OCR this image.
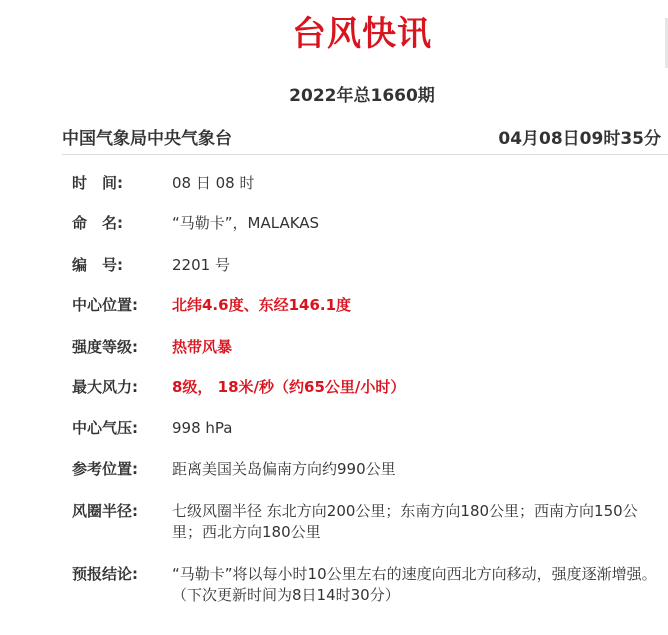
台风快讯
2022年总1660期
中国气象局中央气象台	04月08日09时35分
时　间:	08 日 08 时
命　名:	“马勒卡”，MALAKAS
编　号:	2201 号
中心位置: 北纬4.6度、东经146.1度
强度等级: 热带风暴
最大风力: 8级， 18米/秒（约65公里/小时）
中心气压: 998 hPa
参考位置: 距离美国关岛偏南方向约990公里
风圈半径: 七级风圈半径 东北方向200公里；东南方向180公里；西南方向150公里；西北方向180公里
预报结论: “马勒卡”将以每小时10公里左右的速度向西北方向移动，强度逐渐增强。
（下次更新时间为8日14时30分）
